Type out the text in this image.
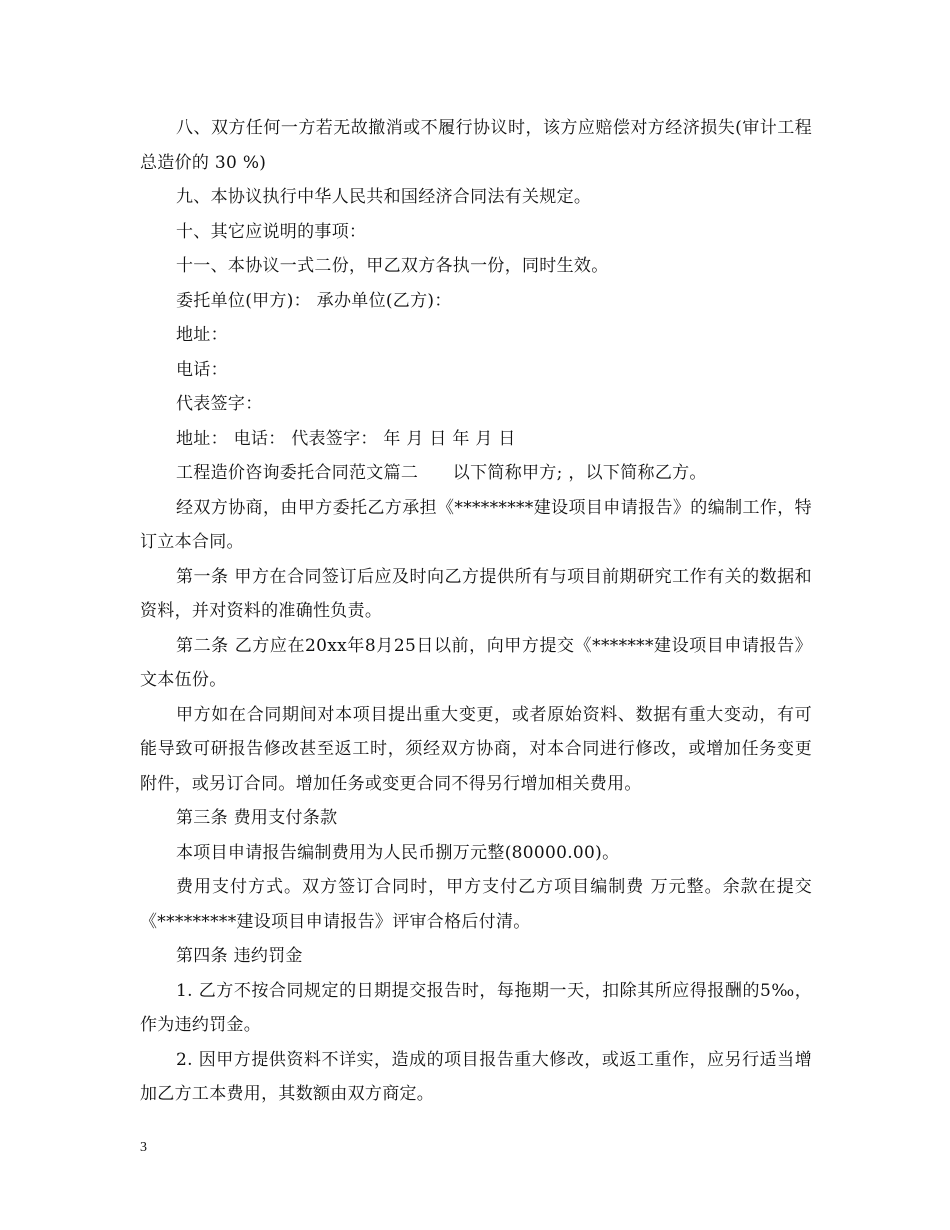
八、双方任何一方若无故撤消或不履行协议时，该方应赔偿对方经济损失(审计工程总造价的 30 %)

九、本协议执行中华人民共和国经济合同法有关规定。

十、其它应说明的事项：

十一、本协议一式二份，甲乙双方各执一份，同时生效。

委托单位(甲方)： 承办单位(乙方)：

地址：

电话：

代表签字：

地址： 电话： 代表签字： 年 月 日 年 月 日

工程造价咨询委托合同范文篇二　　以下简称甲方; ，以下简称乙方。

经双方协商，由甲方委托乙方承担《*********建设项目申请报告》的编制工作，特订立本合同。

第一条 甲方在合同签订后应及时向乙方提供所有与项目前期研究工作有关的数据和资料，并对资料的准确性负责。

第二条 乙方应在20xx年8月25日以前，向甲方提交《*******建设项目申请报告》文本伍份。

甲方如在合同期间对本项目提出重大变更，或者原始资料、数据有重大变动，有可能导致可研报告修改甚至返工时，须经双方协商，对本合同进行修改，或增加任务变更附件，或另订合同。增加任务或变更合同不得另行增加相关费用。

第三条 费用支付条款

本项目申请报告编制费用为人民币捌万元整(80000.00)。

费用支付方式。双方签订合同时，甲方支付乙方项目编制费 万元整。余款在提交《*********建设项目申请报告》评审合格后付清。

第四条 违约罚金

1. 乙方不按合同规定的日期提交报告时，每拖期一天，扣除其所应得报酬的5‰，作为违约罚金。

2. 因甲方提供资料不详实，造成的项目报告重大修改，或返工重作，应另行适当增加乙方工本费用，其数额由双方商定。

3
